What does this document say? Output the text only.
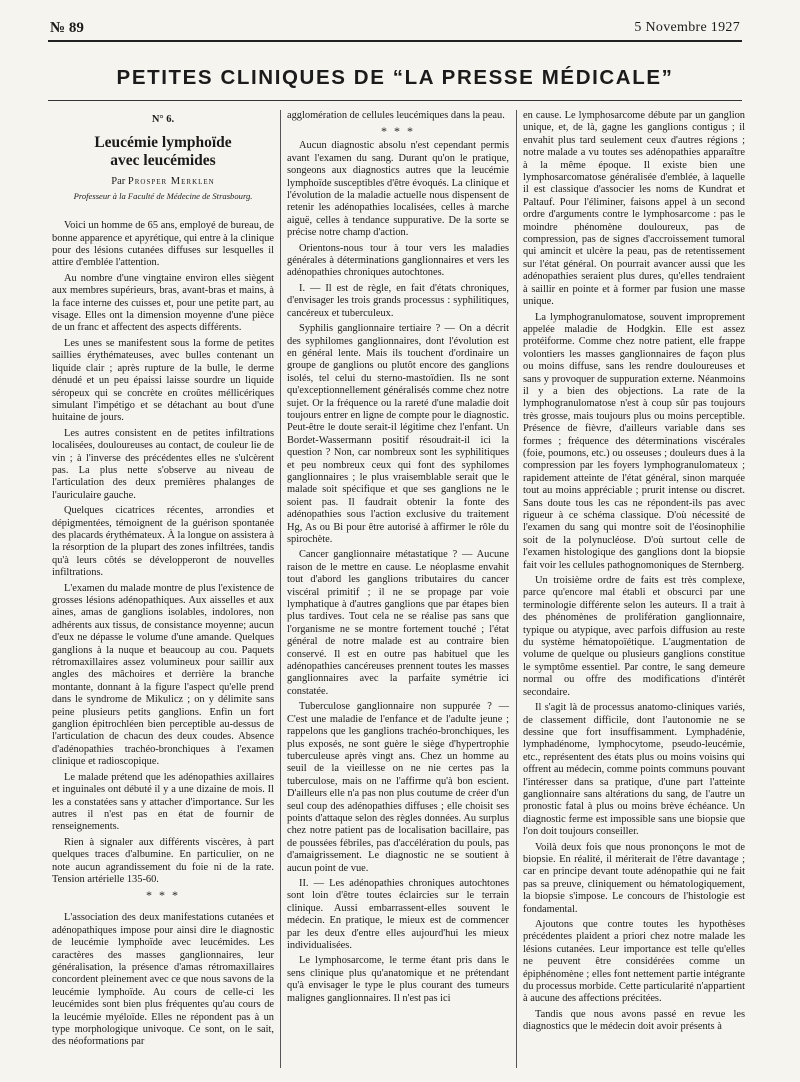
№ 89	5 Novembre 1927
PETITES CLINIQUES DE “LA PRESSE MÉDICALE”
N° 6.
Leucémie lymphoïde
avec leucémides
Par Prosper Merklen
Professeur à la Faculté de Médecine de Strasbourg.

Voici un homme de 65 ans, employé de bureau, de bonne apparence et apyrétique, qui entre à la clinique pour des lésions cutanées diffuses sur lesquelles il attire d'emblée l'attention.

Au nombre d'une vingtaine environ elles siègent aux membres supérieurs, bras, avant-bras et mains, à la face interne des cuisses et, pour une petite part, au visage. Elles ont la dimension moyenne d'une pièce de un franc et affectent des aspects différents.

Les unes se manifestent sous la forme de petites saillies érythémateuses, avec bulles contenant un liquide clair ; après rupture de la bulle, le derme dénudé et un peu épaissi laisse sourdre un liquide séropeux qui se concrète en croûtes méllicériques simulant l'impétigo et se détachant au bout d'une huitaine de jours.

Les autres consistent en de petites infiltrations localisées, douloureuses au contact, de couleur lie de vin ; à l'inverse des précédentes elles ne s'ulcèrent pas. La plus nette s'observe au niveau de l'articulation des deux premières phalanges de l'auriculaire gauche.

Quelques cicatrices récentes, arrondies et dépigmentées, témoignent de la guérison spontanée des placards érythémateux. À la longue on assistera à la résorption de la plupart des zones infiltrées, tandis qu'à leurs côtés se développeront de nouvelles infiltrations.

L'examen du malade montre de plus l'existence de grosses lésions adénopathiques. Aux aisselles et aux aines, amas de ganglions isolables, indolores, non adhérents aux tissus, de consistance moyenne; aucun d'eux ne dépasse le volume d'une amande. Quelques ganglions à la nuque et beaucoup au cou. Paquets rétromaxillaires assez volumineux pour saillir aux angles des mâchoires et derrière la branche montante, donnant à la figure l'aspect qu'elle prend dans le syndrome de Mikulicz ; on y délimite sans peine plusieurs petits ganglions. Enfin un fort ganglion épitrochléen bien perceptible au-dessus de l'articulation de chacun des deux coudes. Absence d'adénopathies trachéo-bronchiques à l'examen clinique et radioscopique.

Le malade prétend que les adénopathies axillaires et inguinales ont débuté il y a une dizaine de mois. Il les a constatées sans y attacher d'importance. Sur les autres il n'est pas en état de fournir de renseignements.

Rien à signaler aux différents viscères, à part quelques traces d'albumine. En particulier, on ne note aucun agrandissement du foie ni de la rate. Tension artérielle 135-60.

* * *

L'association des deux manifestations cutanées et adénopathiques impose pour ainsi dire le diagnostic de leucémie lymphoïde avec leucémides. Les caractères des masses ganglionnaires, leur généralisation, la présence d'amas rétromaxillaires concordent pleinement avec ce que nous savons de la leucémie lymphoïde. Au cours de celle-ci les leucémides sont bien plus fréquentes qu'au cours de la leucémie myéloïde. Elles ne répondent pas à un type morphologique univoque. Ce sont, on le sait, des néoformations par

agglomération de cellules leucémiques dans la peau.

* * *

Aucun diagnostic absolu n'est cependant permis avant l'examen du sang. Durant qu'on le pratique, songeons aux diagnostics autres que la leucémie lymphoïde susceptibles d'être évoqués. La clinique et l'évolution de la maladie actuelle nous dispensent de retenir les adénopathies localisées, celles à marche aiguë, celles à tendance suppurative. De la sorte se précise notre champ d'action.

Orientons-nous tour à tour vers les maladies générales à déterminations ganglionnaires et vers les adénopathies chroniques autochtones.

I. — Il est de règle, en fait d'états chroniques, d'envisager les trois grands processus : syphilitiques, cancéreux et tuberculeux.

Syphilis ganglionnaire tertiaire ? — On a décrit des syphilomes ganglionnaires, dont l'évolution est en général lente. Mais ils touchent d'ordinaire un groupe de ganglions ou plutôt encore des ganglions isolés, tel celui du sterno-mastoïdien. Ils ne sont qu'exceptionnellement généralisés comme chez notre sujet. Or la fréquence ou la rareté d'une maladie doit toujours entrer en ligne de compte pour le diagnostic. Peut-être le doute serait-il légitime chez l'enfant. Un Bordet-Wassermann positif résoudrait-il ici la question ? Non, car nombreux sont les syphilitiques et peu nombreux ceux qui font des syphilomes ganglionnaires ; le plus vraisemblable serait que le malade soit spécifique et que ses ganglions ne le soient pas. Il faudrait obtenir la fonte des adénopathies sous l'action exclusive du traitement Hg, As ou Bi pour être autorisé à affirmer le rôle du spirochète.

Cancer ganglionnaire métastatique ? — Aucune raison de le mettre en cause. Le néoplasme envahit tout d'abord les ganglions tributaires du cancer viscéral primitif ; il ne se propage par voie lymphatique à d'autres ganglions que par étapes bien plus tardives. Tout cela ne se réalise pas sans que l'organisme ne se montre fortement touché ; l'état général de notre malade est au contraire bien conservé. Il est en outre pas habituel que les adénopathies cancéreuses prennent toutes les masses ganglionnaires avec la parfaite symétrie ici constatée.

Tuberculose ganglionnaire non suppurée ? — C'est une maladie de l'enfance et de l'adulte jeune ; rappelons que les ganglions trachéo-bronchiques, les plus exposés, ne sont guère le siège d'hypertrophie tuberculeuse après vingt ans. Chez un homme au seuil de la vieillesse on ne nie certes pas la tuberculose, mais on ne l'affirme qu'à bon escient. D'ailleurs elle n'a pas non plus coutume de créer d'un seul coup des adénopathies diffuses ; elle choisit ses points d'attaque selon des règles données. Au surplus chez notre patient pas de localisation bacillaire, pas de poussées fébriles, pas d'accélération du pouls, pas d'amaigrissement. Le diagnostic ne se soutient à aucun point de vue.

II. — Les adénopathies chroniques autochtones sont loin d'être toutes éclaircies sur le terrain clinique. Aussi embarrassent-elles souvent le médecin. En pratique, le mieux est de commencer par les deux d'entre elles aujourd'hui les mieux individualisées.

Le lymphosarcome, le terme étant pris dans le sens clinique plus qu'anatomique et ne prétendant qu'à envisager le type le plus courant des tumeurs malignes ganglionnaires. Il n'est pas ici

en cause. Le lymphosarcome débute par un ganglion unique, et, de là, gagne les ganglions contigus ; il envahit plus tard seulement ceux d'autres régions ; notre malade a vu toutes ses adénopathies apparaître à la même époque. Il existe bien une lymphosarcomatose généralisée d'emblée, à laquelle il est classique d'associer les noms de Kundrat et Paltauf. Pour l'éliminer, faisons appel à un second ordre d'arguments contre le lymphosarcome : pas le moindre phénomène douloureux, pas de compression, pas de signes d'accroissement tumoral qui amincit et ulcère la peau, pas de retentissement sur l'état général. On pourrait avancer aussi que les adénopathies seraient plus dures, qu'elles tendraient à saillir en pointe et à former par fusion une masse unique.

La lymphogranulomatose, souvent improprement appelée maladie de Hodgkin. Elle est assez protéiforme. Comme chez notre patient, elle frappe volontiers les masses ganglionnaires de façon plus ou moins diffuse, sans les rendre douloureuses et sans y provoquer de suppuration externe. Néanmoins il y a bien des objections. La rate de la lymphogranulomatose n'est à coup sûr pas toujours très grosse, mais toujours plus ou moins perceptible. Présence de fièvre, d'ailleurs variable dans ses formes ; fréquence des déterminations viscérales (foie, poumons, etc.) ou osseuses ; douleurs dues à la compression par les foyers lymphogranulomateux ; rapidement atteinte de l'état général, sinon marquée tout au moins appréciable ; prurit intense ou discret. Sans doute tous les cas ne répondent-ils pas avec rigueur à ce schéma classique. D'où nécessité de l'examen du sang qui montre soit de l'éosinophilie soit de la polynucléose. D'où surtout celle de l'examen histologique des ganglions dont la biopsie fait voir les cellules pathognomoniques de Sternberg.

Un troisième ordre de faits est très complexe, parce qu'encore mal établi et obscurci par une terminologie différente selon les auteurs. Il a trait à des phénomènes de prolifération ganglionnaire, typique ou atypique, avec parfois diffusion au reste du système hématopoïétique. L'augmentation de volume de quelque ou plusieurs ganglions constitue le symptôme essentiel. Par contre, le sang demeure normal ou offre des modifications d'intérêt secondaire.

Il s'agit là de processus anatomo-cliniques variés, de classement difficile, dont l'autonomie ne se dessine que fort insuffisamment. Lymphadénie, lymphadénome, lymphocytome, pseudo-leucémie, etc., représentent des états plus ou moins voisins qui offrent au médecin, comme points communs pouvant l'intéresser dans sa pratique, d'une part l'atteinte ganglionnaire sans altérations du sang, de l'autre un pronostic fatal à plus ou moins brève échéance. Un diagnostic ferme est impossible sans une biopsie que l'on doit toujours conseiller.

Voilà deux fois que nous prononçons le mot de biopsie. En réalité, il mériterait de l'être davantage ; car en principe devant toute adénopathie qui ne fait pas sa preuve, cliniquement ou hématologiquement, la biopsie s'impose. Le concours de l'histologie est fondamental.

Ajoutons que contre toutes les hypothèses précédentes plaident a priori chez notre malade les lésions cutanées. Leur importance est telle qu'elles ne peuvent être considérées comme un épiphénomène ; elles font nettement partie intégrante du processus morbide. Cette particularité n'appartient à aucune des affections précitées.

Tandis que nous avons passé en revue les diagnostics que le médecin doit avoir présents à
